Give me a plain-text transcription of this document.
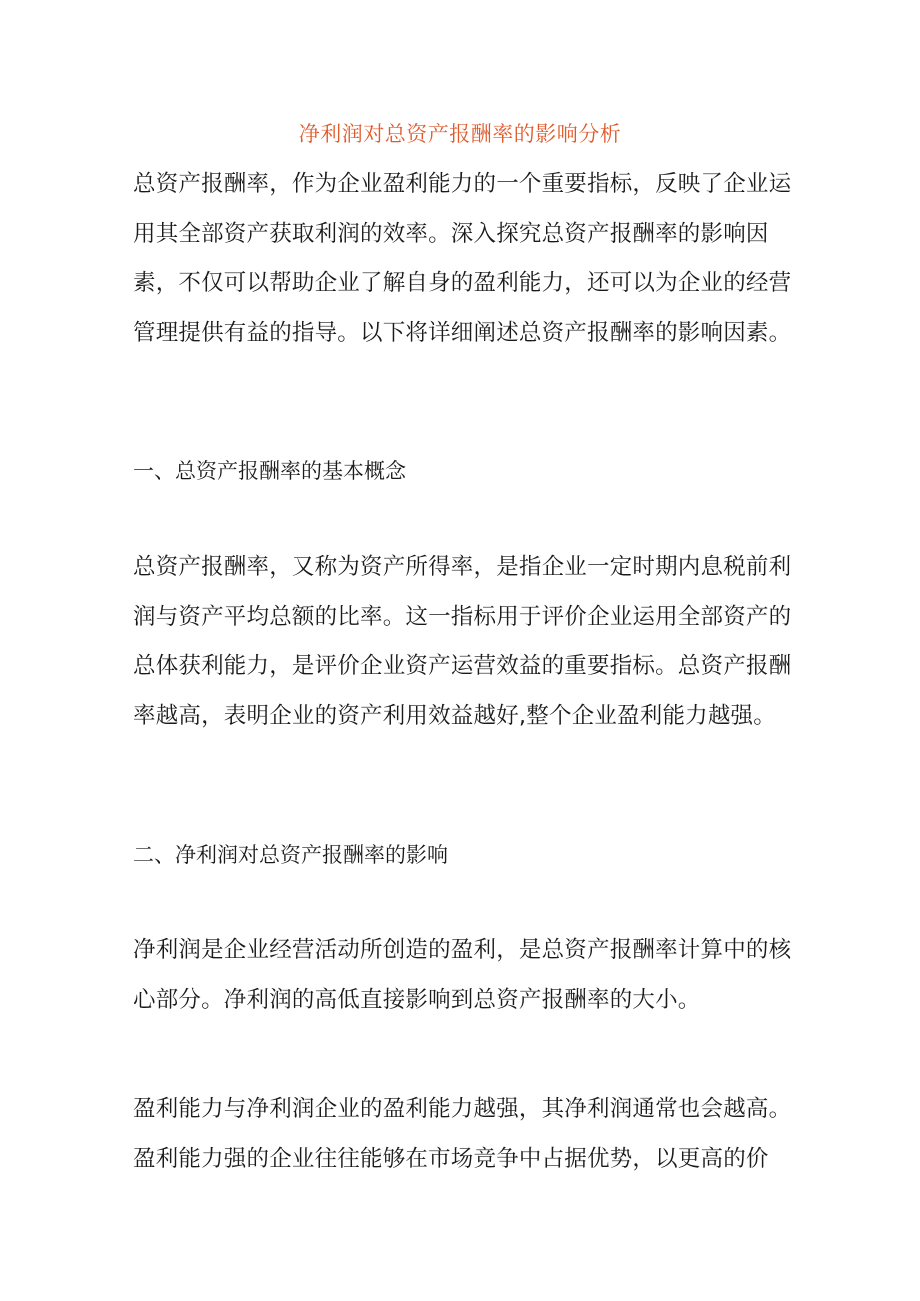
净利润对总资产报酬率的影响分析

总资产报酬率，作为企业盈利能力的一个重要指标，反映了企业运用其全部资产获取利润的效率。深入探究总资产报酬率的影响因素，不仅可以帮助企业了解自身的盈利能力，还可以为企业的经营管理提供有益的指导。以下将详细阐述总资产报酬率的影响因素。

一、总资产报酬率的基本概念

总资产报酬率，又称为资产所得率，是指企业一定时期内息税前利润与资产平均总额的比率。这一指标用于评价企业运用全部资产的总体获利能力，是评价企业资产运营效益的重要指标。总资产报酬率越高，表明企业的资产利用效益越好,整个企业盈利能力越强。

二、净利润对总资产报酬率的影响

净利润是企业经营活动所创造的盈利，是总资产报酬率计算中的核心部分。净利润的高低直接影响到总资产报酬率的大小。

盈利能力与净利润企业的盈利能力越强，其净利润通常也会越高。盈利能力强的企业往往能够在市场竞争中占据优势，以更高的价
